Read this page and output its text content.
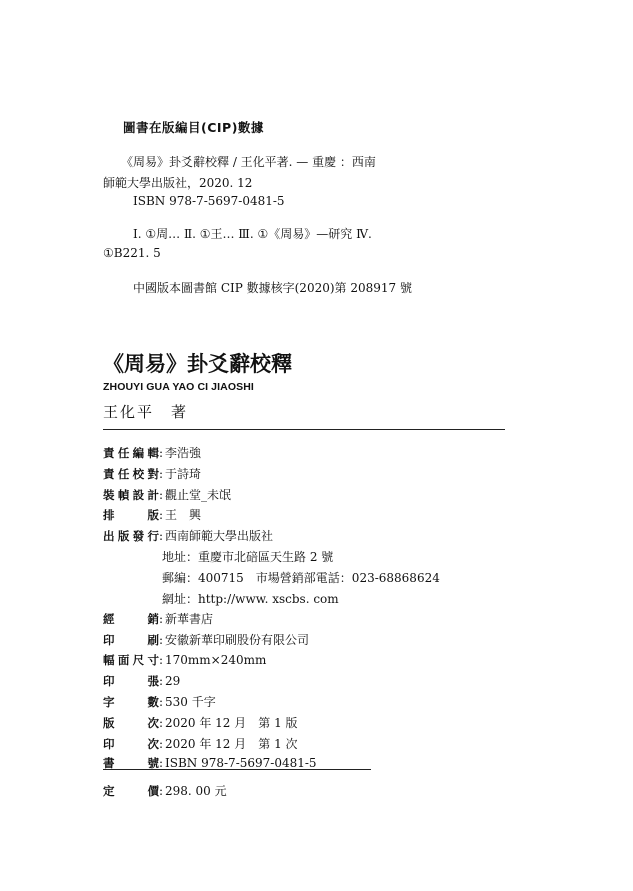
圖書在版編目(CIP)數據
《周易》卦爻辭校釋 / 王化平著. — 重慶 ：西南
師範大學出版社，2020. 12
ISBN 978-7-5697-0481-5
Ⅰ. ①周… Ⅱ. ①王… Ⅲ. ①《周易》—研究 Ⅳ.
①B221. 5
中國版本圖書館 CIP 數據核字(2020)第 208917 號
《周易》卦爻辭校釋
ZHOUYI GUA YAO CI JIAOSHI
王化平　著
責任編輯: 李浩強
責任校對: 于詩琦
裝幀設計: 觀止堂_未氓
排版: 王　興
出版發行: 西南師範大學出版社
地址：重慶市北碚區天生路 2 號
郵編：400715　市場營銷部電話：023-68868624
網址：http://www. xscbs. com
經銷: 新華書店
印刷: 安徽新華印刷股份有限公司
幅面尺寸: 170mm×240mm
印張: 29
字數: 530 千字
版次: 2020 年 12 月　第 1 版
印次: 2020 年 12 月　第 1 次
書號: ISBN 978-7-5697-0481-5
定價: 298. 00 元
